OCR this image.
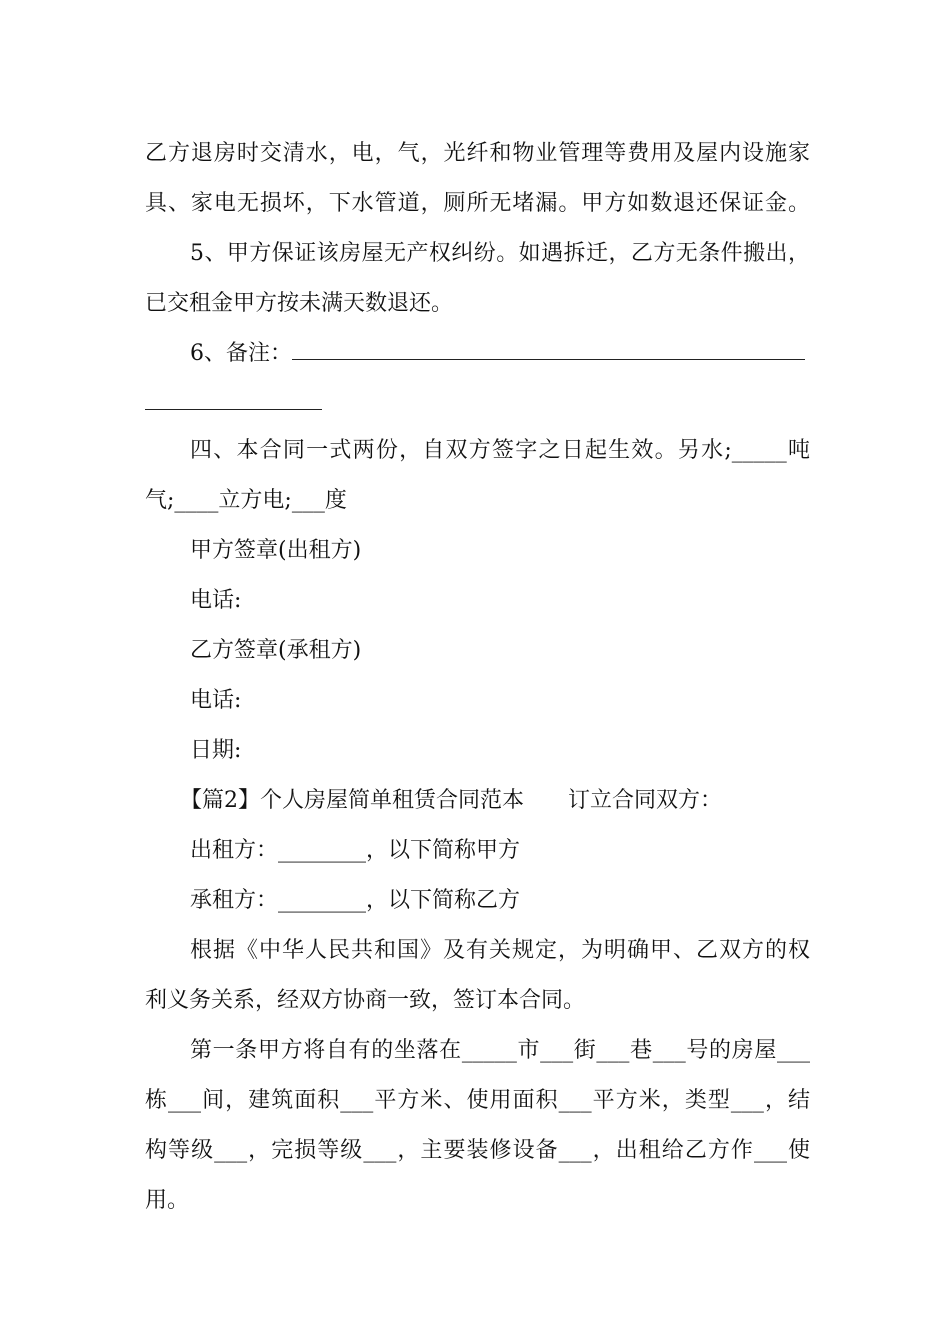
乙方退房时交清水，电，气，光纤和物业管理等费用及屋内设施家
具、家电无损坏，下水管道，厕所无堵漏。甲方如数退还保证金。
5、甲方保证该房屋无产权纠纷。如遇拆迁，乙方无条件搬出，
已交租金甲方按未满天数退还。
6、备注：
四、本合同一式两份，自双方签字之日起生效。另水;_____吨
气;____立方电;___度
甲方签章(出租方)
电话:
乙方签章(承租方)
电话:
日期:
【篇2】个人房屋简单租赁合同范本　　订立合同双方：
出租方：________，以下简称甲方
承租方：________，以下简称乙方
根据《中华人民共和国》及有关规定，为明确甲、乙双方的权
利义务关系，经双方协商一致，签订本合同。
第一条甲方将自有的坐落在_____市___街___巷___号的房屋___
栋___间，建筑面积___平方米、使用面积___平方米，类型___，结
构等级___，完损等级___，主要装修设备___，出租给乙方作___使
用。
